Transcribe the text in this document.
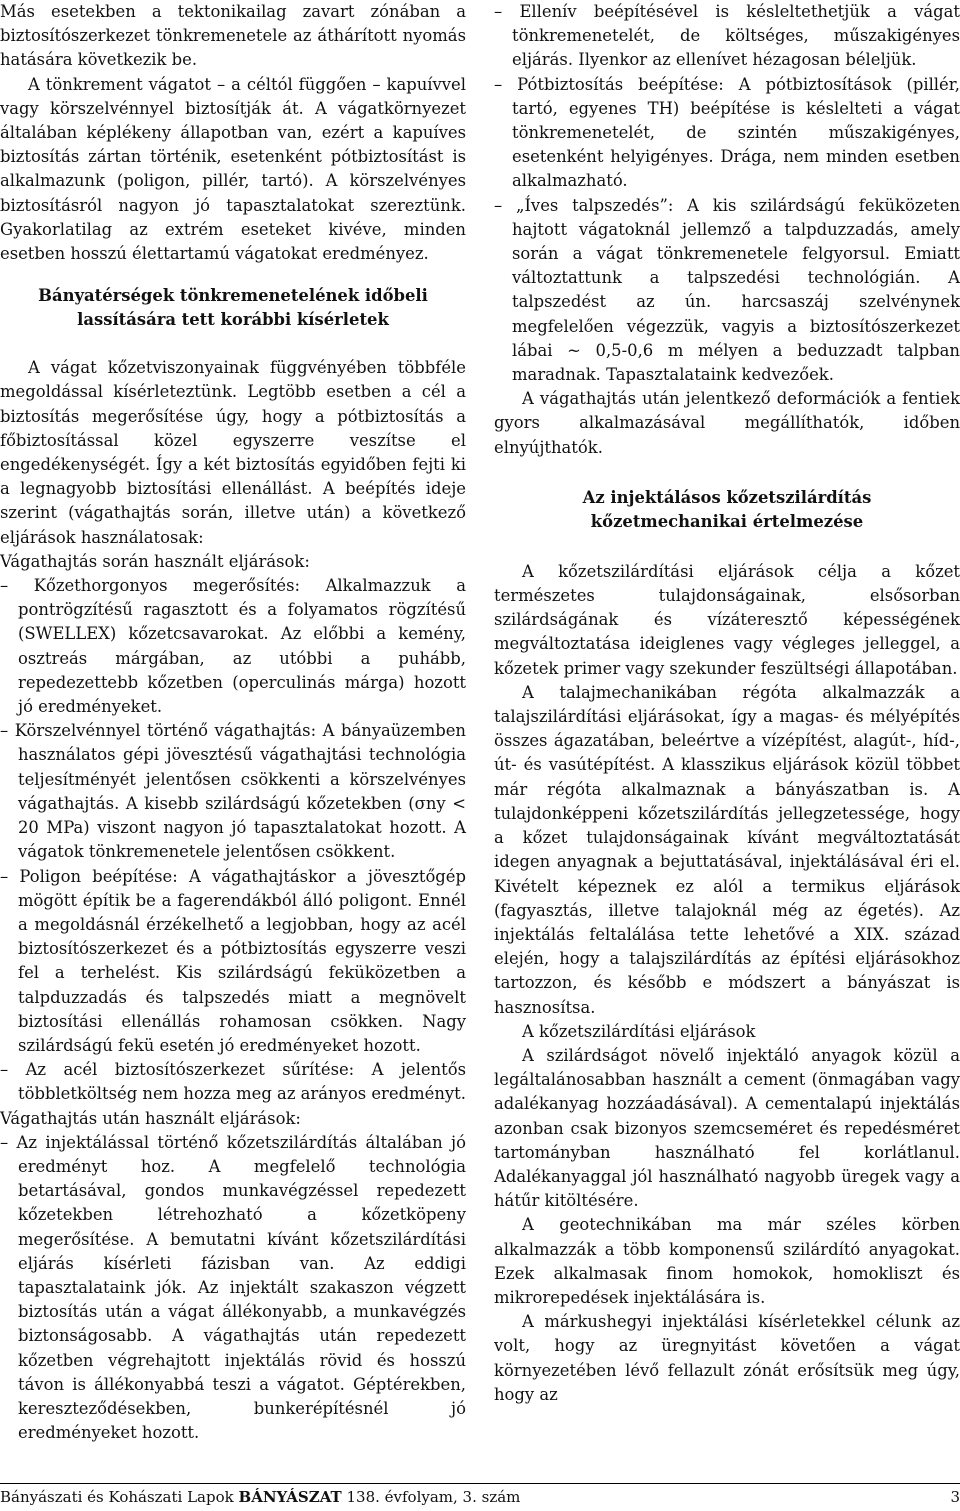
Más esetekben a tektonikailag zavart zónában a biztosítószerkezet tönkremenetele az áthárított nyomás hatására következik be.

A tönkrement vágatot – a céltól függően – kapuívvel vagy körszelvénnyel biztosítják át. A vágatkörnyezet általában képlékeny állapotban van, ezért a kapuíves biztosítás zártan történik, esetenként pótbiztosítást is alkalmazunk (poligon, pillér, tartó). A körszelvényes biztosításról nagyon jó tapasztalatokat szereztünk. Gyakorlatilag az extrém eseteket kivéve, minden esetben hosszú élettartamú vágatokat eredményez.

Bányatérségek tönkremenetelének időbeli lassítására tett korábbi kísérletek

A vágat kőzetviszonyainak függvényében többféle megoldással kísérleteztünk. Legtöbb esetben a cél a biztosítás megerősítése úgy, hogy a pótbiztosítás a főbiztosítással közel egyszerre veszítse el engedékenységét. Így a két biztosítás egyidőben fejti ki a legnagyobb biztosítási ellenállást. A beépítés ideje szerint (vágathajtás során, illetve után) a következő eljárások használatosak:

Vágathajtás során használt eljárások:

– Kőzethorgonyos megerősítés: Alkalmazzuk a pontrögzítésű ragasztott és a folyamatos rögzítésű (SWELLEX) kőzetcsavarokat. Az előbbi a kemény, osztreás márgában, az utóbbi a puhább, repedezettebb kőzetben (operculinás márga) hozott jó eredményeket.

– Körszelvénnyel történő vágathajtás: A bányaüzemben használatos gépi jövesztésű vágathajtási technológia teljesítményét jelentősen csökkenti a körszelvényes vágathajtás. A kisebb szilárdságú kőzetekben (σny < 20 MPa) viszont nagyon jó tapasztalatokat hozott. A vágatok tönkremenetele jelentősen csökkent.

– Poligon beépítése: A vágathajtáskor a jövesztőgép mögött építik be a fagerendákból álló poligont. Ennél a megoldásnál érzékelhető a legjobban, hogy az acél biztosítószerkezet és a pótbiztosítás egyszerre veszi fel a terhelést. Kis szilárdságú feküközetben a talpduzzadás és talpszedés miatt a megnövelt biztosítási ellenállás rohamosan csökken. Nagy szilárdságú fekü esetén jó eredményeket hozott.

– Az acél biztosítószerkezet sűrítése: A jelentős többletköltség nem hozza meg az arányos eredményt.

Vágathajtás után használt eljárások:

– Az injektálással történő kőzetszilárdítás általában jó eredményt hoz. A megfelelő technológia betartásával, gondos munkavégzéssel repedezett kőzetekben létrehozható a kőzetköpeny megerősítése. A bemutatni kívánt kőzetszilárdítási eljárás kísérleti fázisban van. Az eddigi tapasztalataink jók. Az injektált szakaszon végzett biztosítás után a vágat állékonyabb, a munkavégzés biztonságosabb. A vágathajtás után repedezett kőzetben végrehajtott injektálás rövid és hosszú távon is állékonyabbá teszi a vágatot. Géptérekben, kereszteződésekben, bunkerépítésnél jó eredményeket hozott.

– Ellenív beépítésével is késleltethetjük a vágat tönkremenetelét, de költséges, műszakigényes eljárás. Ilyenkor az ellenívet hézagosan béleljük.

– Pótbiztosítás beépítése: A pótbiztosítások (pillér, tartó, egyenes TH) beépítése is késlelteti a vágat tönkremenetelét, de szintén műszakigényes, esetenként helyigényes. Drága, nem minden esetben alkalmazható.

– „Íves talpszedés”: A kis szilárdságú feküközeten hajtott vágatoknál jellemző a talpduzzadás, amely során a vágat tönkremenetele felgyorsul. Emiatt változtattunk a talpszedési technológián. A talpszedést az ún. harcsaszáj szelvénynek megfelelően végezzük, vagyis a biztosítószerkezet lábai ~ 0,5-0,6 m mélyen a beduzzadt talpban maradnak. Tapasztalataink kedvezőek.

A vágathajtás után jelentkező deformációk a fentiek gyors alkalmazásával megállíthatók, időben elnyújthatók.

Az injektálásos kőzetszilárdítás kőzetmechanikai értelmezése

A kőzetszilárdítási eljárások célja a kőzet természetes tulajdonságainak, elsősorban szilárdságának és vízáteresztő képességének megváltoztatása ideiglenes vagy végleges jelleggel, a kőzetek primer vagy szekunder feszültségi állapotában.

A talajmechanikában régóta alkalmazzák a talajszilárdítási eljárásokat, így a magas- és mélyépítés összes ágazatában, beleértve a vízépítést, alagút-, híd-, út- és vasútépítést. A klasszikus eljárások közül többet már régóta alkalmaznak a bányászatban is. A tulajdonképpeni kőzetszilárdítás jellegzetessége, hogy a kőzet tulajdonságainak kívánt megváltoztatását idegen anyagnak a bejuttatásával, injektálásával éri el. Kivételt képeznek ez alól a termikus eljárások (fagyasztás, illetve talajoknál még az égetés). Az injektálás feltalálása tette lehetővé a XIX. század elején, hogy a talajszilárdítás az építési eljárásokhoz tartozzon, és később e módszert a bányászat is hasznosítsa.

A kőzetszilárdítási eljárások

A szilárdságot növelő injektáló anyagok közül a legáltalánosabban használt a cement (önmagában vagy adalékanyag hozzáadásával). A cementalapú injektálás azonban csak bizonyos szemcseméret és repedésméret tartományban használható fel korlátlanul. Adalékanyaggal jól használható nagyobb üregek vagy a hátűr kitöltésére.

A geotechnikában ma már széles körben alkalmazzák a több komponensű szilárdító anyagokat. Ezek alkalmasak finom homokok, homokliszt és mikrorepedések injektálására is.

A márkushegyi injektálási kísérletekkel célunk az volt, hogy az üregnyitást követően a vágat környezetében lévő fellazult zónát erősítsük meg úgy, hogy az

Bányászati és Kohászati Lapok BÁNYÁSZAT 138. évfolyam, 3. szám	3
